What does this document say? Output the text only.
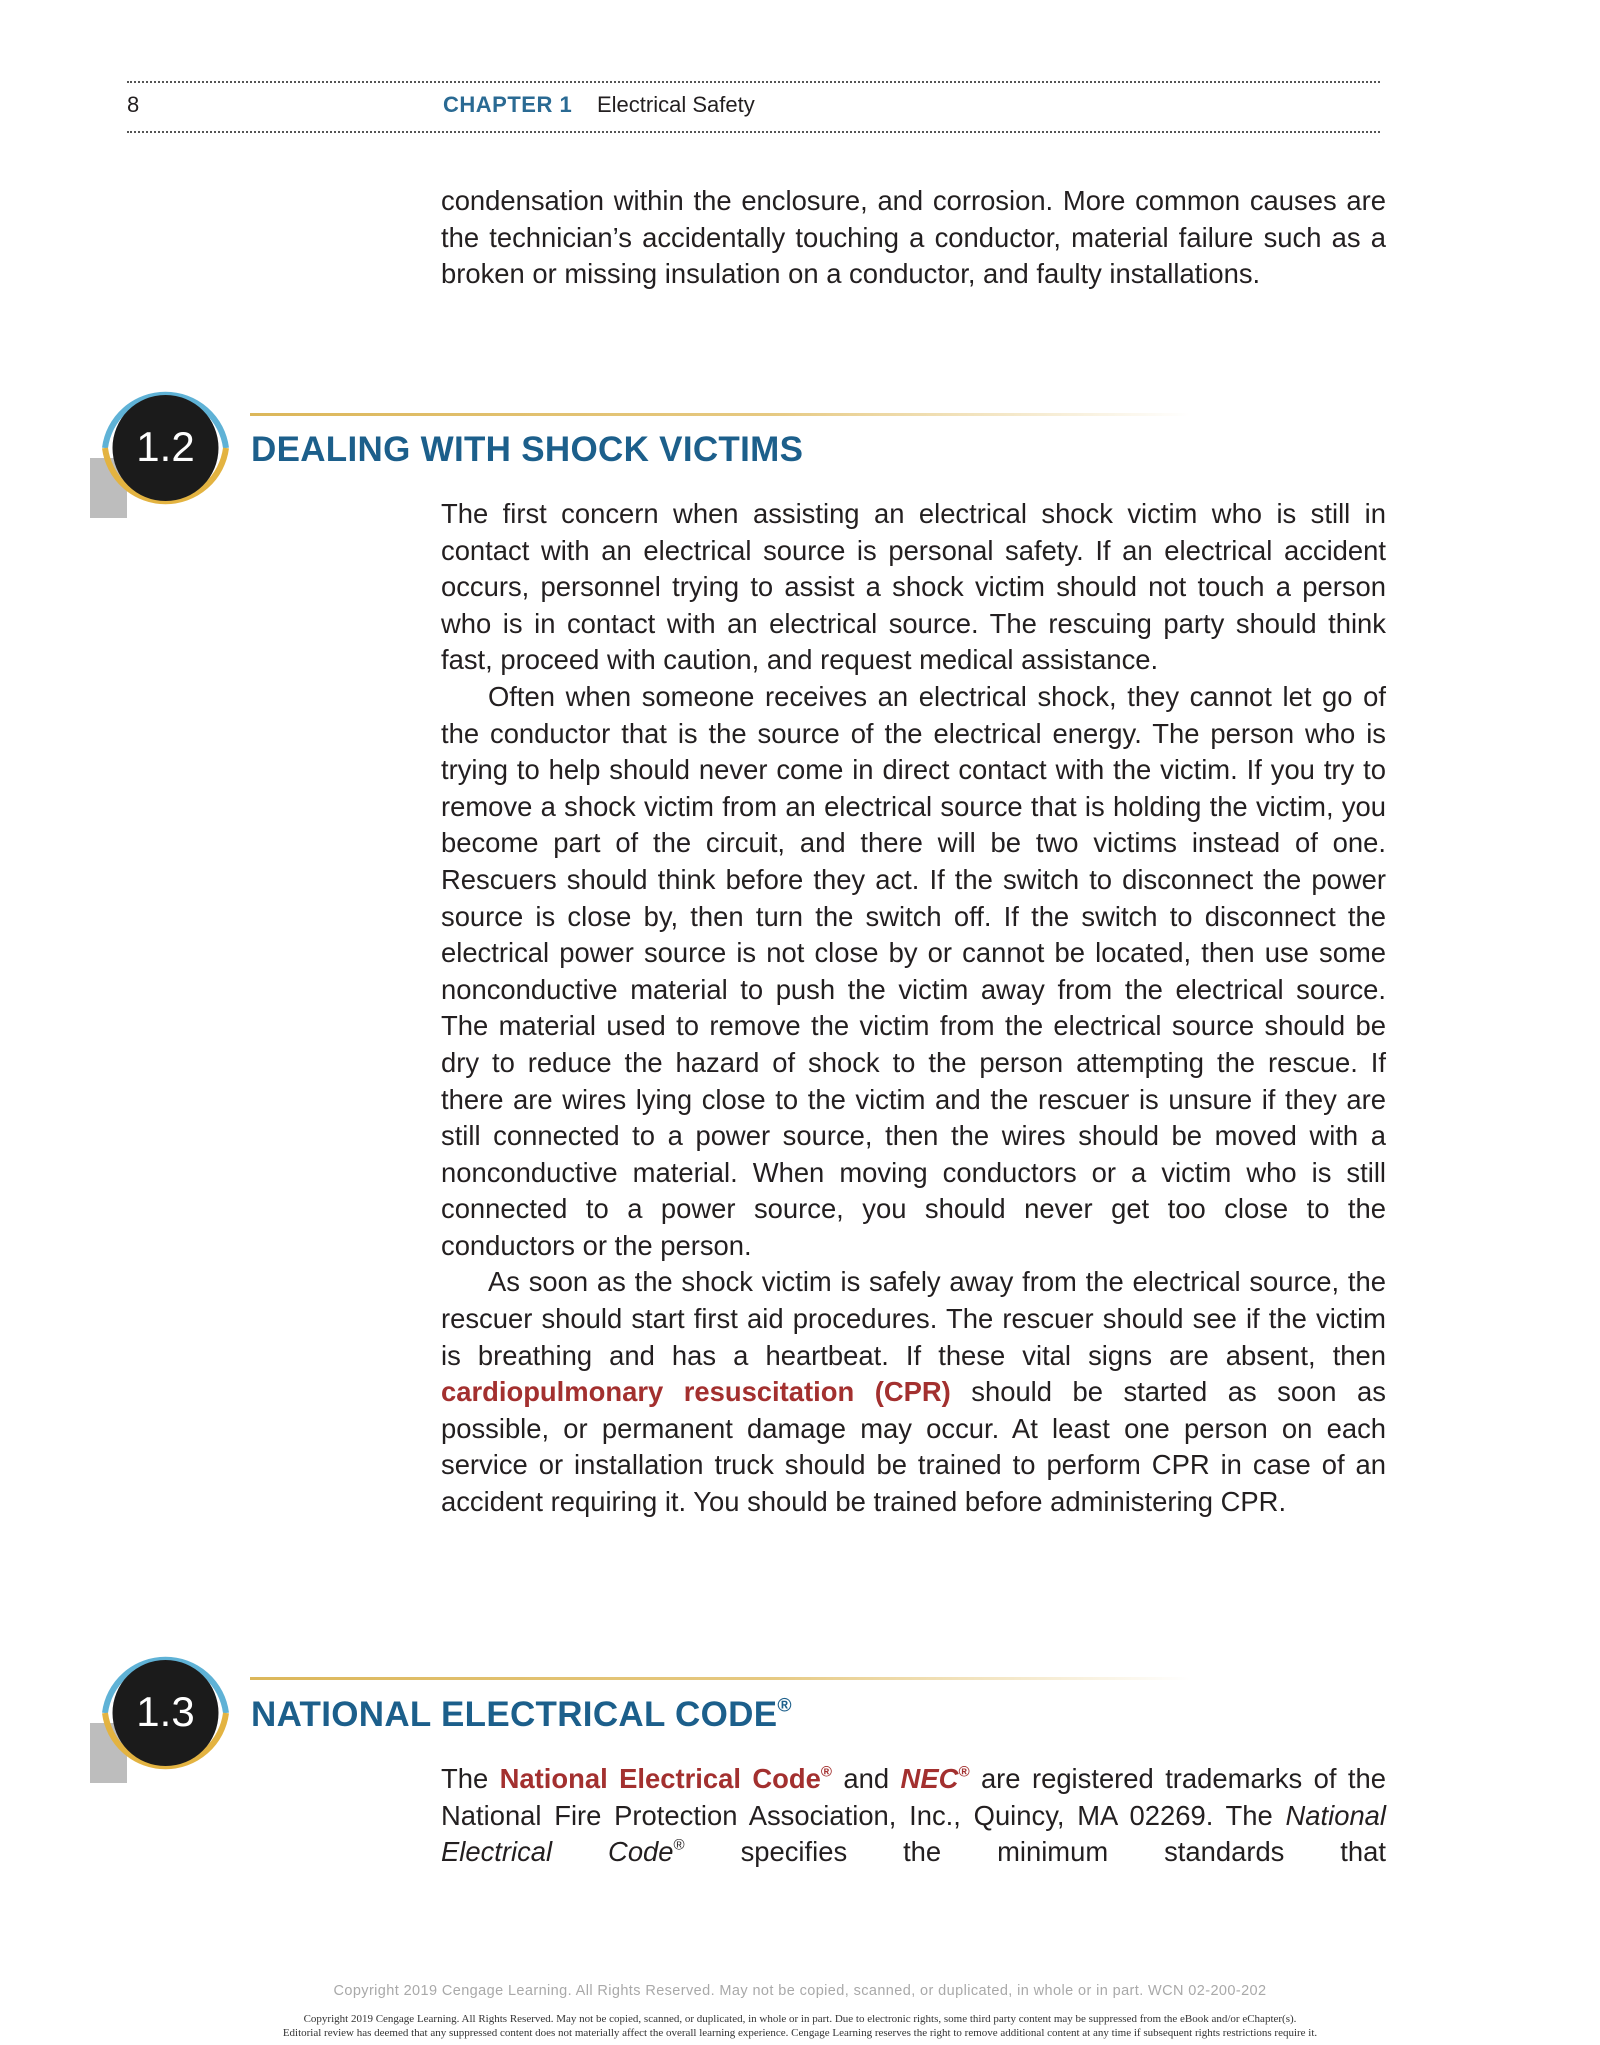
8	CHAPTER 1 Electrical Safety

condensation within the enclosure, and corrosion. More common causes are the technician’s accidentally touching a conductor, material failure such as a broken or missing insulation on a conductor, and faulty installations.

1.2 DEALING WITH SHOCK VICTIMS

The first concern when assisting an electrical shock victim who is still in contact with an electrical source is personal safety. If an electrical accident occurs, personnel trying to assist a shock victim should not touch a person who is in contact with an electrical source. The rescuing party should think fast, proceed with caution, and request medical assistance.

Often when someone receives an electrical shock, they cannot let go of the conductor that is the source of the electrical energy. The person who is trying to help should never come in direct contact with the victim. If you try to remove a shock victim from an electrical source that is holding the victim, you become part of the circuit, and there will be two victims instead of one. Rescuers should think before they act. If the switch to disconnect the power source is close by, then turn the switch off. If the switch to disconnect the electrical power source is not close by or cannot be located, then use some nonconductive material to push the victim away from the electrical source. The material used to remove the victim from the electrical source should be dry to reduce the hazard of shock to the person attempting the rescue. If there are wires lying close to the victim and the rescuer is unsure if they are still connected to a power source, then the wires should be moved with a nonconductive material. When moving conductors or a victim who is still connected to a power source, you should never get too close to the conductors or the person.

As soon as the shock victim is safely away from the electrical source, the rescuer should start first aid procedures. The rescuer should see if the victim is breathing and has a heartbeat. If these vital signs are absent, then cardiopulmonary resuscitation (CPR) should be started as soon as possible, or permanent damage may occur. At least one person on each service or installation truck should be trained to perform CPR in case of an accident requiring it. You should be trained before administering CPR.

1.3 NATIONAL ELECTRICAL CODE®

The National Electrical Code® and NEC® are registered trademarks of the National Fire Protection Association, Inc., Quincy, MA 02269. The National Electrical Code® specifies the minimum standards that

Copyright 2019 Cengage Learning. All Rights Reserved. May not be copied, scanned, or duplicated, in whole or in part. WCN 02-200-202
Copyright 2019 Cengage Learning. All Rights Reserved. May not be copied, scanned, or duplicated, in whole or in part. Due to electronic rights, some third party content may be suppressed from the eBook and/or eChapter(s).
Editorial review has deemed that any suppressed content does not materially affect the overall learning experience. Cengage Learning reserves the right to remove additional content at any time if subsequent rights restrictions require it.
